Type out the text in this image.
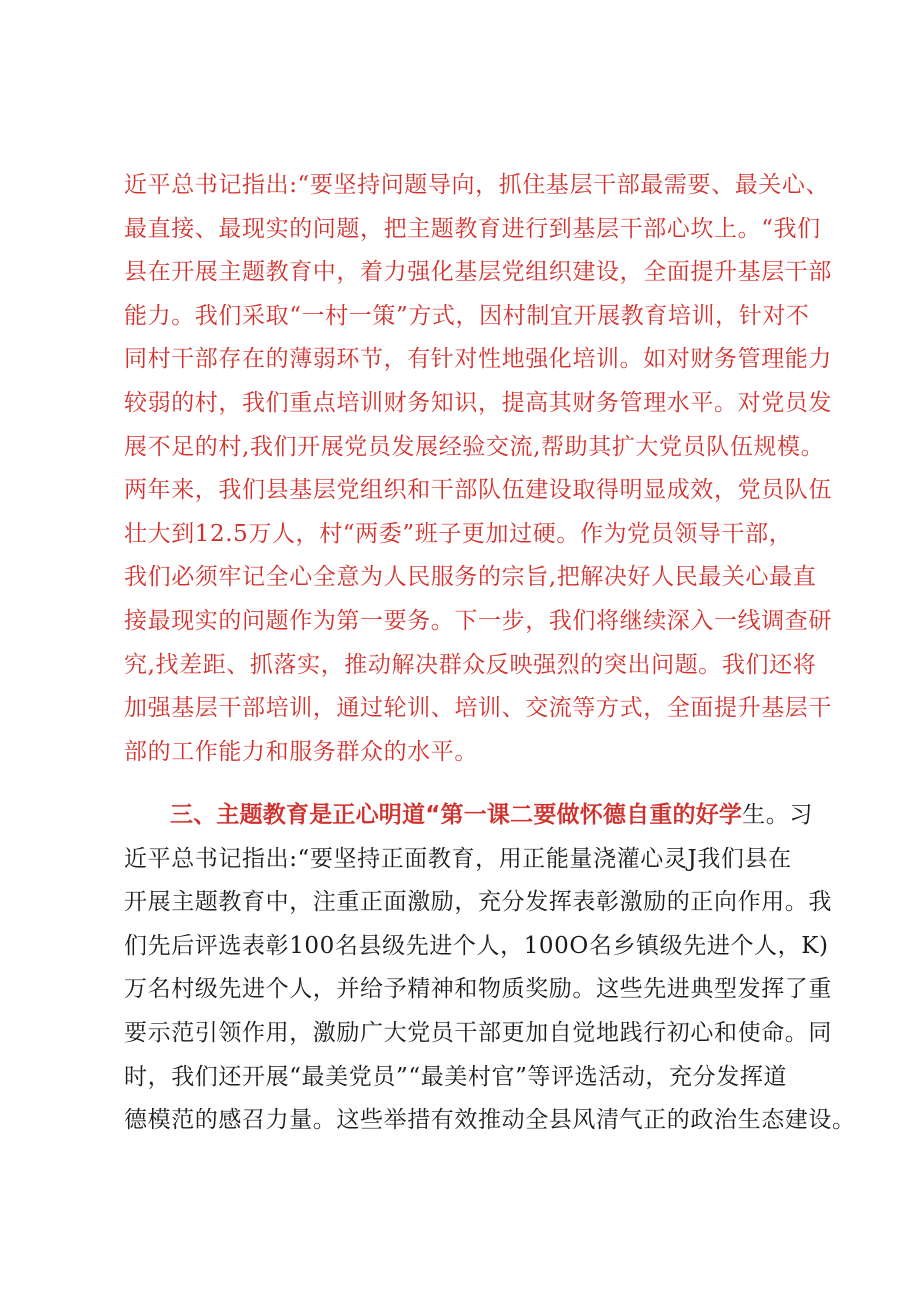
近平总书记指出:“要坚持问题导向，抓住基层干部最需要、最关心、
最直接、最现实的问题，把主题教育进行到基层干部心坎上。“我们
县在开展主题教育中，着力强化基层党组织建设，全面提升基层干部
能力。我们采取“一村一策”方式，因村制宜开展教育培训，针对不
同村干部存在的薄弱环节，有针对性地强化培训。如对财务管理能力
较弱的村，我们重点培训财务知识，提高其财务管理水平。对党员发
展不足的村,我们开展党员发展经验交流,帮助其扩大党员队伍规模。
两年来，我们县基层党组织和干部队伍建设取得明显成效，党员队伍
壮大到12.5万人，村“两委”班子更加过硬。作为党员领导干部，
我们必须牢记全心全意为人民服务的宗旨,把解决好人民最关心最直
接最现实的问题作为第一要务。下一步，我们将继续深入一线调查研
究,找差距、抓落实，推动解决群众反映强烈的突出问题。我们还将
加强基层干部培训，通过轮训、培训、交流等方式，全面提升基层干
部的工作能力和服务群众的水平。
三、主题教育是正心明道“第一课二要做怀德自重的好学生。习
近平总书记指出:“要坚持正面教育，用正能量浇灌心灵J我们县在
开展主题教育中，注重正面激励，充分发挥表彰激励的正向作用。我
们先后评选表彰100名县级先进个人，100O名乡镇级先进个人，K)
万名村级先进个人，并给予精神和物质奖励。这些先进典型发挥了重
要示范引领作用，激励广大党员干部更加自觉地践行初心和使命。同
时，我们还开展“最美党员”“最美村官”等评选活动，充分发挥道
德模范的感召力量。这些举措有效推动全县风清气正的政治生态建设。
